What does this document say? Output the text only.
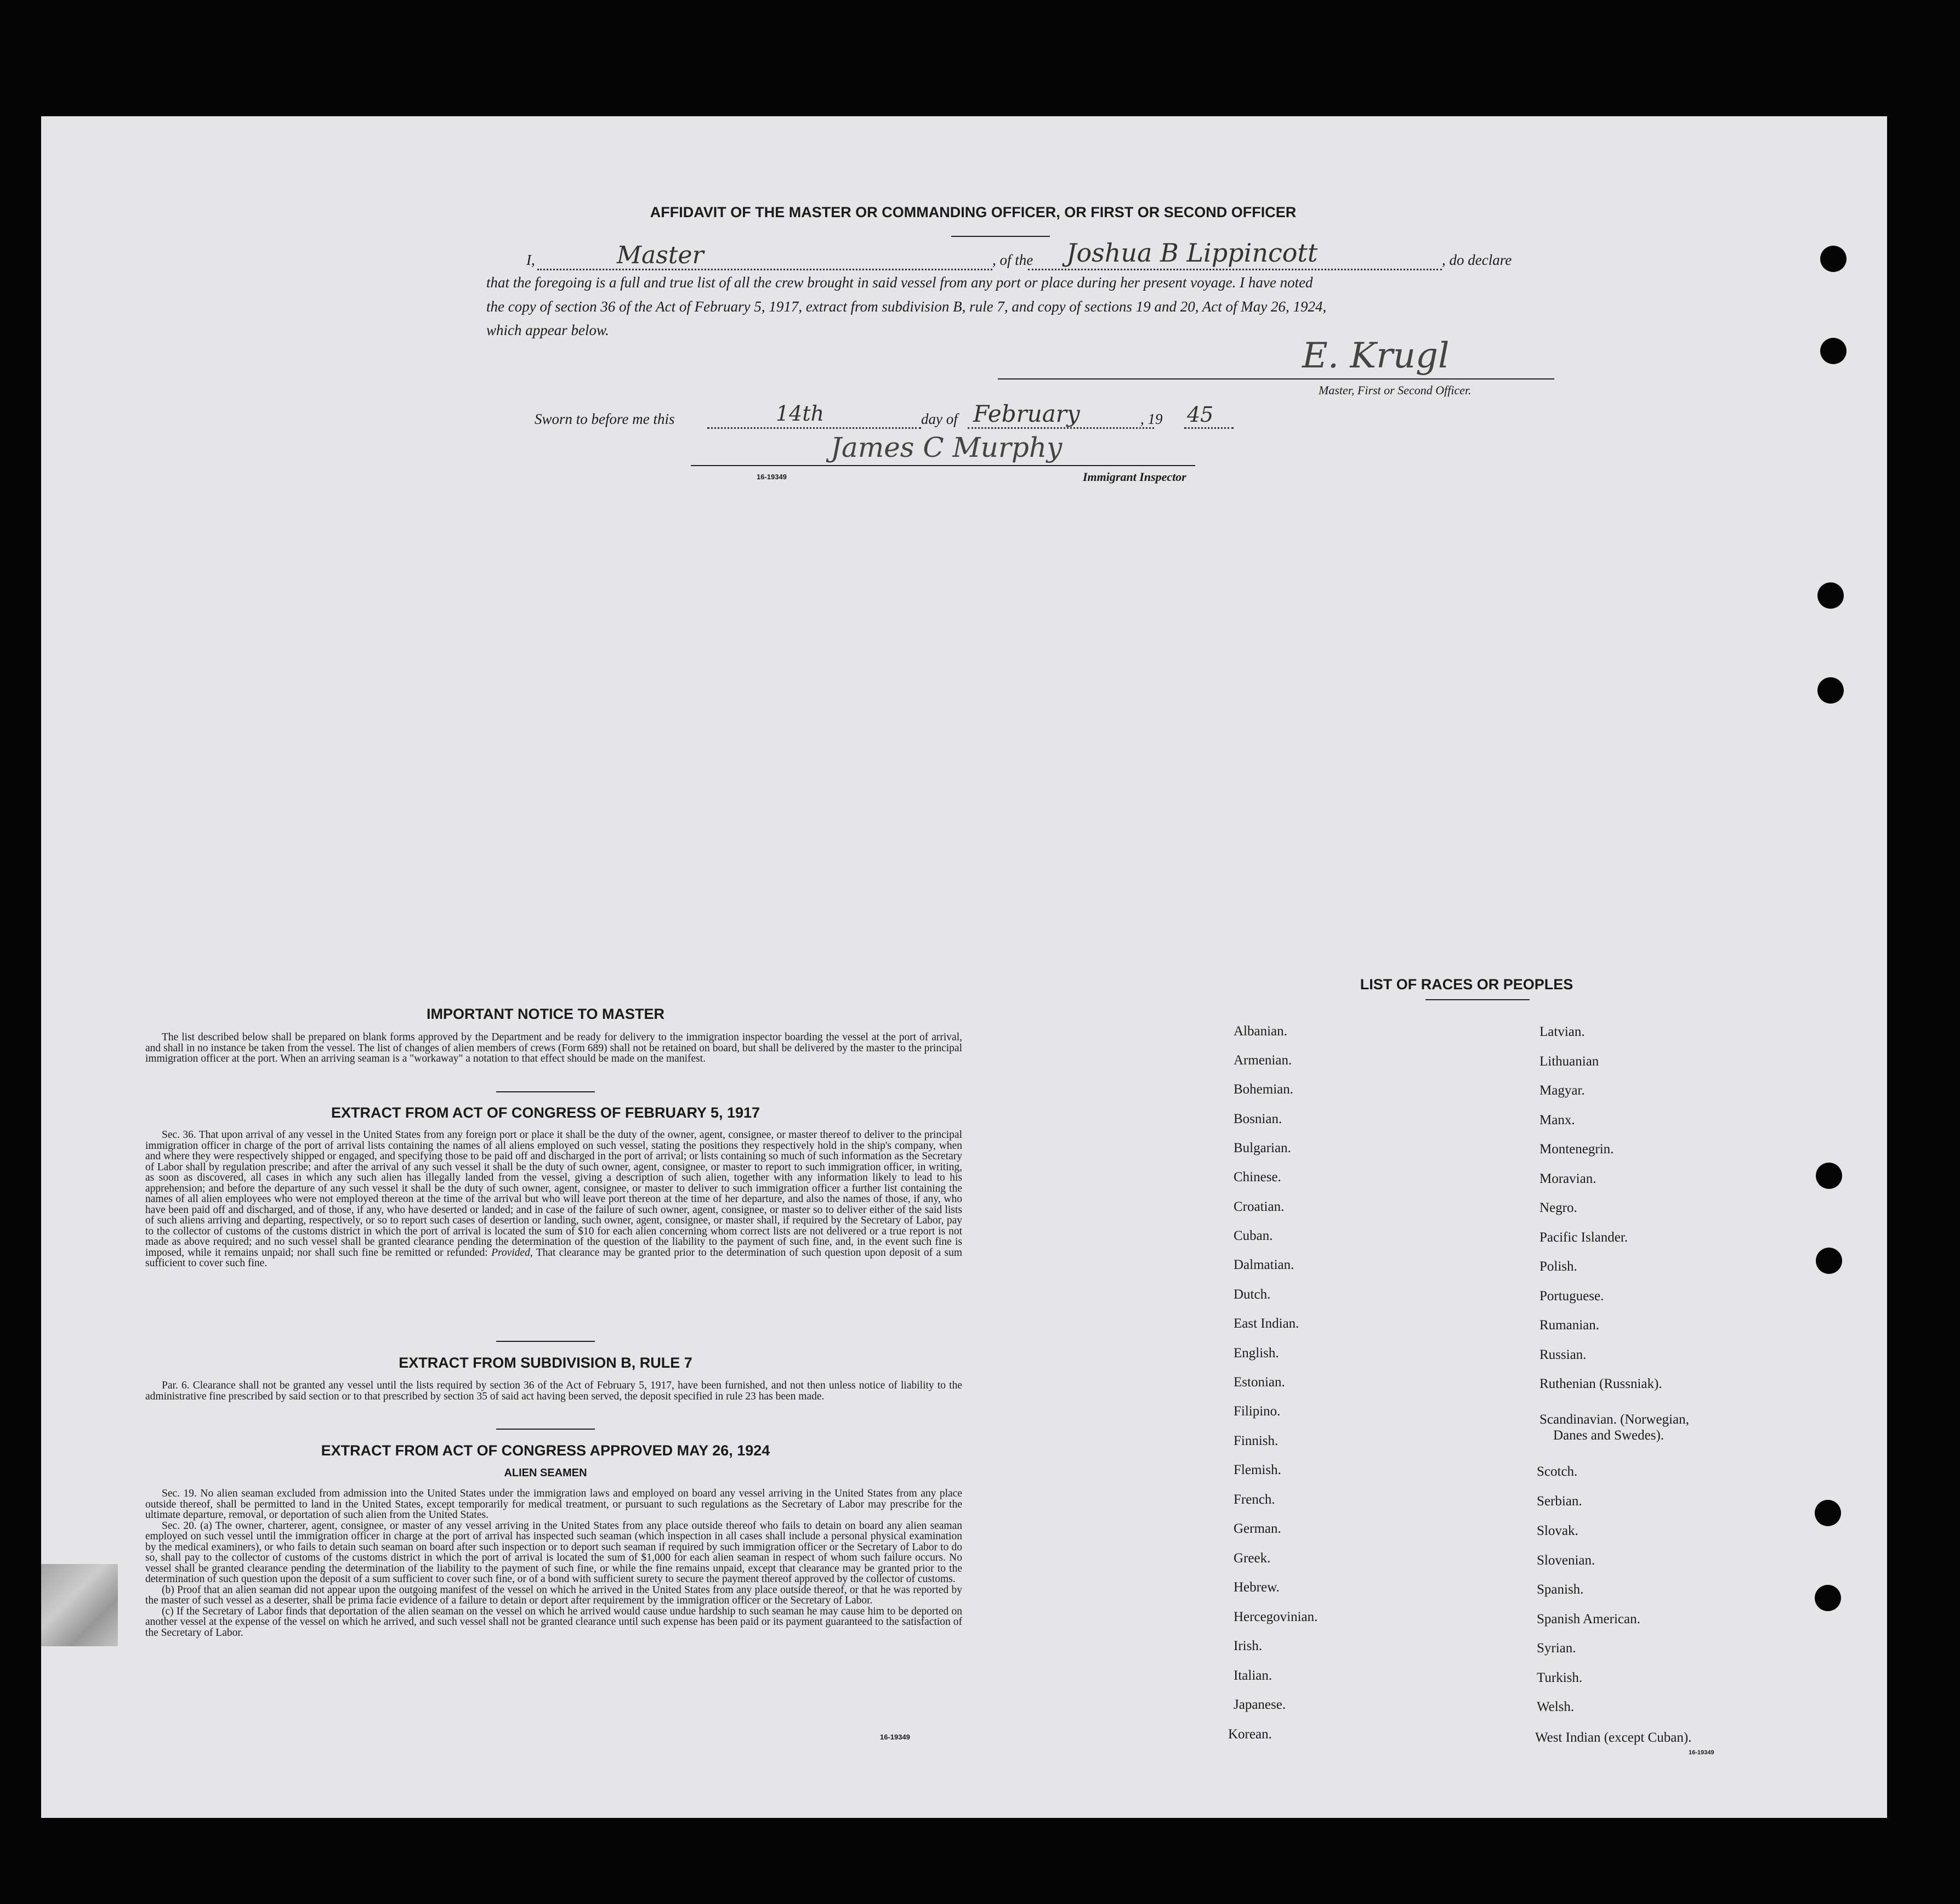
AFFIDAVIT OF THE MASTER OR COMMANDING OFFICER, OR FIRST OR SECOND OFFICER
I,	Master	, of the Joshua B Lippincott	, do declare
that the foregoing is a full and true list of all the crew brought in said vessel from any port or place during her present voyage. I have noted
the copy of section 36 of the Act of February 5, 1917, extract from subdivision B, rule 7, and copy of sections 19 and 20, Act of May 26, 1924,
which appear below.
E. Krugl
Master, First or Second Officer.
Sworn to before me this	14th	day of February	, 19 45
James C Murphy
16-19349	Immigrant Inspector
IMPORTANT NOTICE TO MASTER

The list described below shall be prepared on blank forms approved by the Department and be ready for delivery to the immigration inspector boarding the vessel at the port of arrival, and shall in no instance be taken from the vessel. The list of changes of alien members of crews (Form 689) shall not be retained on board, but shall be delivered by the master to the principal immigration officer at the port. When an arriving seaman is a "workaway" a notation to that effect should be made on the manifest.

EXTRACT FROM ACT OF CONGRESS OF FEBRUARY 5, 1917

Sec. 36. That upon arrival of any vessel in the United States from any foreign port or place it shall be the duty of the owner, agent, consignee, or master thereof to deliver to the principal immigration officer in charge of the port of arrival lists containing the names of all aliens employed on such vessel, stating the positions they respectively hold in the ship's company, when and where they were respectively shipped or engaged, and specifying those to be paid off and discharged in the port of arrival; or lists containing so much of such information as the Secretary of Labor shall by regulation prescribe; and after the arrival of any such vessel it shall be the duty of such owner, agent, consignee, or master to report to such immigration officer, in writing, as soon as discovered, all cases in which any such alien has illegally landed from the vessel, giving a description of such alien, together with any information likely to lead to his apprehension; and before the departure of any such vessel it shall be the duty of such owner, agent, consignee, or master to deliver to such immigration officer a further list containing the names of all alien employees who were not employed thereon at the time of the arrival but who will leave port thereon at the time of her departure, and also the names of those, if any, who have been paid off and discharged, and of those, if any, who have deserted or landed; and in case of the failure of such owner, agent, consignee, or master so to deliver either of the said lists of such aliens arriving and departing, respectively, or so to report such cases of desertion or landing, such owner, agent, consignee, or master shall, if required by the Secretary of Labor, pay to the collector of customs of the customs district in which the port of arrival is located the sum of $10 for each alien concerning whom correct lists are not delivered or a true report is not made as above required; and no such vessel shall be granted clearance pending the determination of the question of the liability to the payment of such fine, and, in the event such fine is imposed, while it remains unpaid; nor shall such fine be remitted or refunded: Provided, That clearance may be granted prior to the determination of such question upon deposit of a sum sufficient to cover such fine.

EXTRACT FROM SUBDIVISION B, RULE 7

Par. 6. Clearance shall not be granted any vessel until the lists required by section 36 of the Act of February 5, 1917, have been furnished, and not then unless notice of liability to the administrative fine prescribed by said section or to that prescribed by section 35 of said act having been served, the deposit specified in rule 23 has been made.

EXTRACT FROM ACT OF CONGRESS APPROVED MAY 26, 1924
ALIEN SEAMEN

Sec. 19. No alien seaman excluded from admission into the United States under the immigration laws and employed on board any vessel arriving in the United States from any place outside thereof, shall be permitted to land in the United States, except temporarily for medical treatment, or pursuant to such regulations as the Secretary of Labor may prescribe for the ultimate departure, removal, or deportation of such alien from the United States.

Sec. 20. (a) The owner, charterer, agent, consignee, or master of any vessel arriving in the United States from any place outside thereof who fails to detain on board any alien seaman employed on such vessel until the immigration officer in charge at the port of arrival has inspected such seaman (which inspection in all cases shall include a personal physical examination by the medical examiners), or who fails to detain such seaman on board after such inspection or to deport such seaman if required by such immigration officer or the Secretary of Labor to do so, shall pay to the collector of customs of the customs district in which the port of arrival is located the sum of $1,000 for each alien seaman in respect of whom such failure occurs. No vessel shall be granted clearance pending the determination of the liability to the payment of such fine, or while the fine remains unpaid, except that clearance may be granted prior to the determination of such question upon the deposit of a sum sufficient to cover such fine, or of a bond with sufficient surety to secure the payment thereof approved by the collector of customs.

(b) Proof that an alien seaman did not appear upon the outgoing manifest of the vessel on which he arrived in the United States from any place outside thereof, or that he was reported by the master of such vessel as a deserter, shall be prima facie evidence of a failure to detain or deport after requirement by the immigration officer or the Secretary of Labor.

(c) If the Secretary of Labor finds that deportation of the alien seaman on the vessel on which he arrived would cause undue hardship to such seaman he may cause him to be deported on another vessel at the expense of the vessel on which he arrived, and such vessel shall not be granted clearance until such expense has been paid or its payment guaranteed to the satisfaction of the Secretary of Labor.

16-19349
LIST OF RACES OR PEOPLES
Albanian.
Armenian.
Bohemian.
Bosnian.
Bulgarian.
Chinese.
Croatian.
Cuban.
Dalmatian.
Dutch.
East Indian.
English.
Estonian.
Filipino.
Finnish.
Flemish.
French.
German.
Greek.
Hebrew.
Hercegovinian.
Irish.
Italian.
Japanese.
Korean.
Latvian.
Lithuanian
Magyar.
Manx.
Montenegrin.
Moravian.
Negro.
Pacific Islander.
Polish.
Portuguese.
Rumanian.
Russian.
Ruthenian (Russniak).
Scandinavian. (Norwegian,
Danes and Swedes).
Scotch.
Serbian.
Slovak.
Slovenian.
Spanish.
Spanish American.
Syrian.
Turkish.
Welsh.
West Indian (except Cuban).
16-19349
